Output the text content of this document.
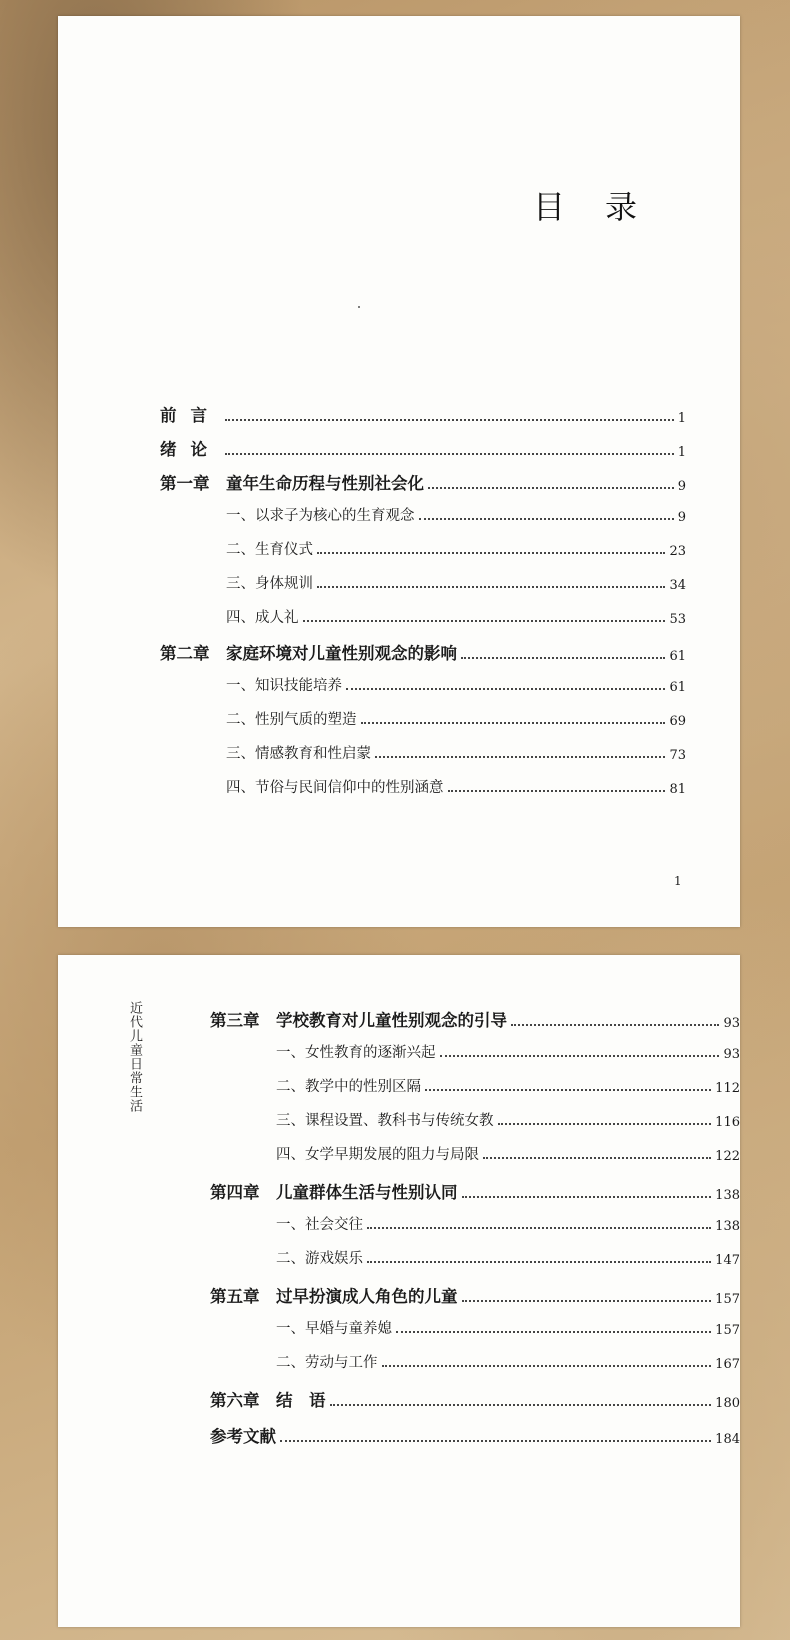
目 录
前言	1
绪论	1
第一章　童年生命历程与性别社会化	9
一、以求子为核心的生育观念	9
二、生育仪式	23
三、身体规训	34
四、成人礼	53
第二章　家庭环境对儿童性别观念的影响	61
一、知识技能培养	61
二、性别气质的塑造	69
三、情感教育和性启蒙	73
四、节俗与民间信仰中的性别涵意	81
1
近代儿童日常生活	第三章　学校教育对儿童性别观念的引导	93
一、女性教育的逐渐兴起	93
二、教学中的性别区隔	112
三、课程设置、教科书与传统女教	116
四、女学早期发展的阻力与局限	122
第四章　儿童群体生活与性别认同	138
一、社会交往	138
二、游戏娱乐	147
第五章　过早扮演成人角色的儿童	157
一、早婚与童养媳	157
二、劳动与工作	167
第六章　结　语	180
参考文献	184
